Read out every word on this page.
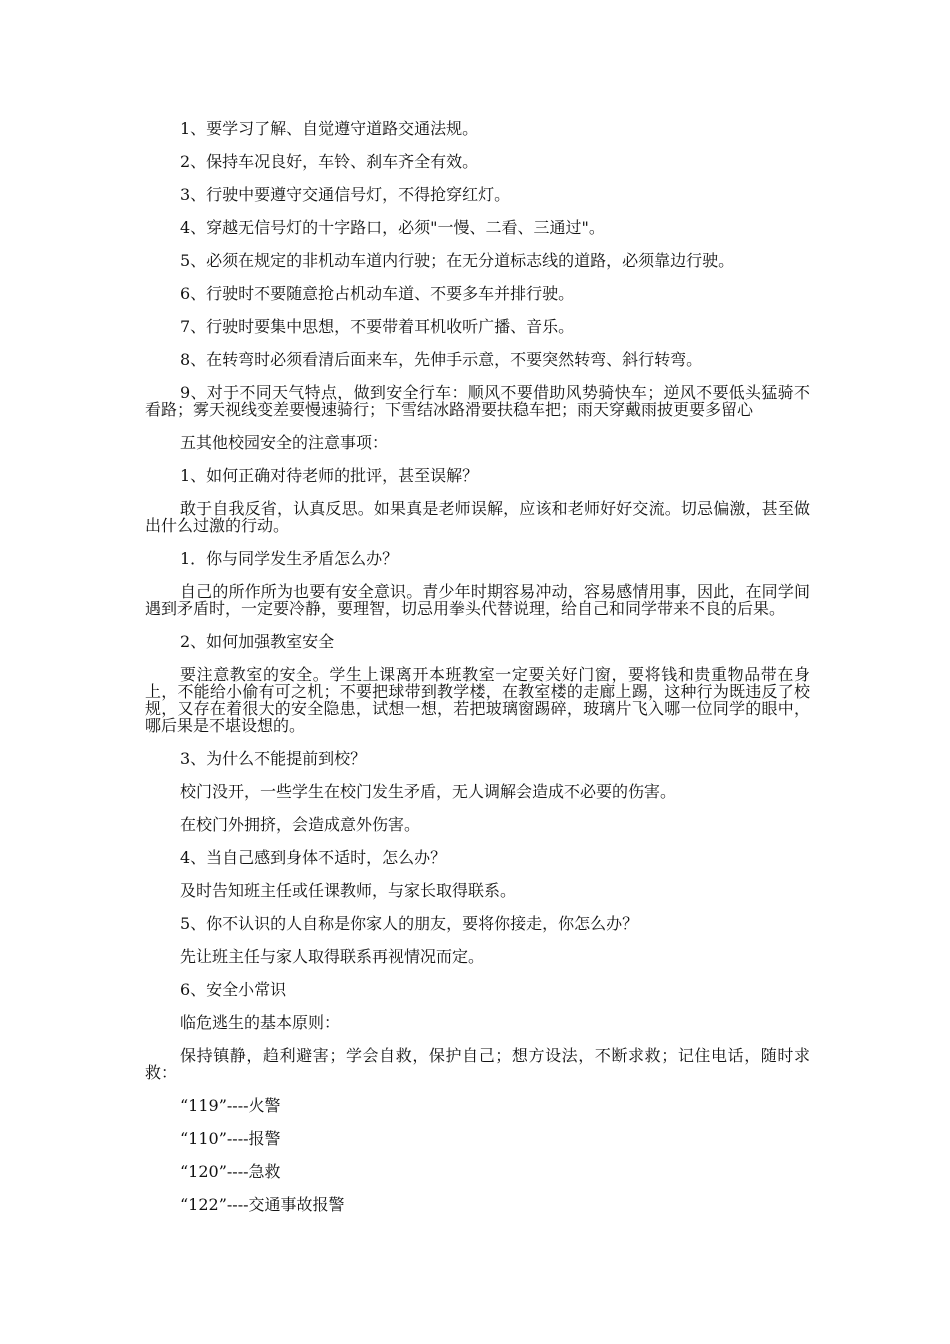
1、要学习了解、自觉遵守道路交通法规。

2、保持车况良好，车铃、刹车齐全有效。

3、行驶中要遵守交通信号灯，不得抢穿红灯。

4、穿越无信号灯的十字路口，必须"一慢、二看、三通过"。

5、必须在规定的非机动车道内行驶；在无分道标志线的道路，必须靠边行驶。

6、行驶时不要随意抢占机动车道、不要多车并排行驶。

7、行驶时要集中思想，不要带着耳机收听广播、音乐。

8、在转弯时必须看清后面来车，先伸手示意，不要突然转弯、斜行转弯。

9、对于不同天气特点，做到安全行车：顺风不要借助风势骑快车；逆风不要低头猛骑不看路；雾天视线变差要慢速骑行；下雪结冰路滑要扶稳车把；雨天穿戴雨披更要多留心

五其他校园安全的注意事项：

1、如何正确对待老师的批评，甚至误解？

敢于自我反省，认真反思。如果真是老师误解，应该和老师好好交流。切忌偏激，甚至做出什么过激的行动。

1．你与同学发生矛盾怎么办？

自己的所作所为也要有安全意识。青少年时期容易冲动，容易感情用事，因此，在同学间遇到矛盾时，一定要冷静，要理智，切忌用拳头代替说理，给自己和同学带来不良的后果。

2、如何加强教室安全

要注意教室的安全。学生上课离开本班教室一定要关好门窗，要将钱和贵重物品带在身上，不能给小偷有可之机；不要把球带到教学楼，在教室楼的走廊上踢，这种行为既违反了校规，又存在着很大的安全隐患，试想一想，若把玻璃窗踢碎，玻璃片飞入哪一位同学的眼中，哪后果是不堪设想的。

3、为什么不能提前到校？

校门没开，一些学生在校门发生矛盾，无人调解会造成不必要的伤害。

在校门外拥挤，会造成意外伤害。

4、当自己感到身体不适时，怎么办？

及时告知班主任或任课教师，与家长取得联系。

5、你不认识的人自称是你家人的朋友，要将你接走，你怎么办？

先让班主任与家人取得联系再视情况而定。

6、安全小常识

临危逃生的基本原则：

保持镇静，趋利避害；学会自救，保护自己；想方设法，不断求救；记住电话，随时求救：

“119”----火警

“110”----报警

“120”----急救

“122”----交通事故报警
